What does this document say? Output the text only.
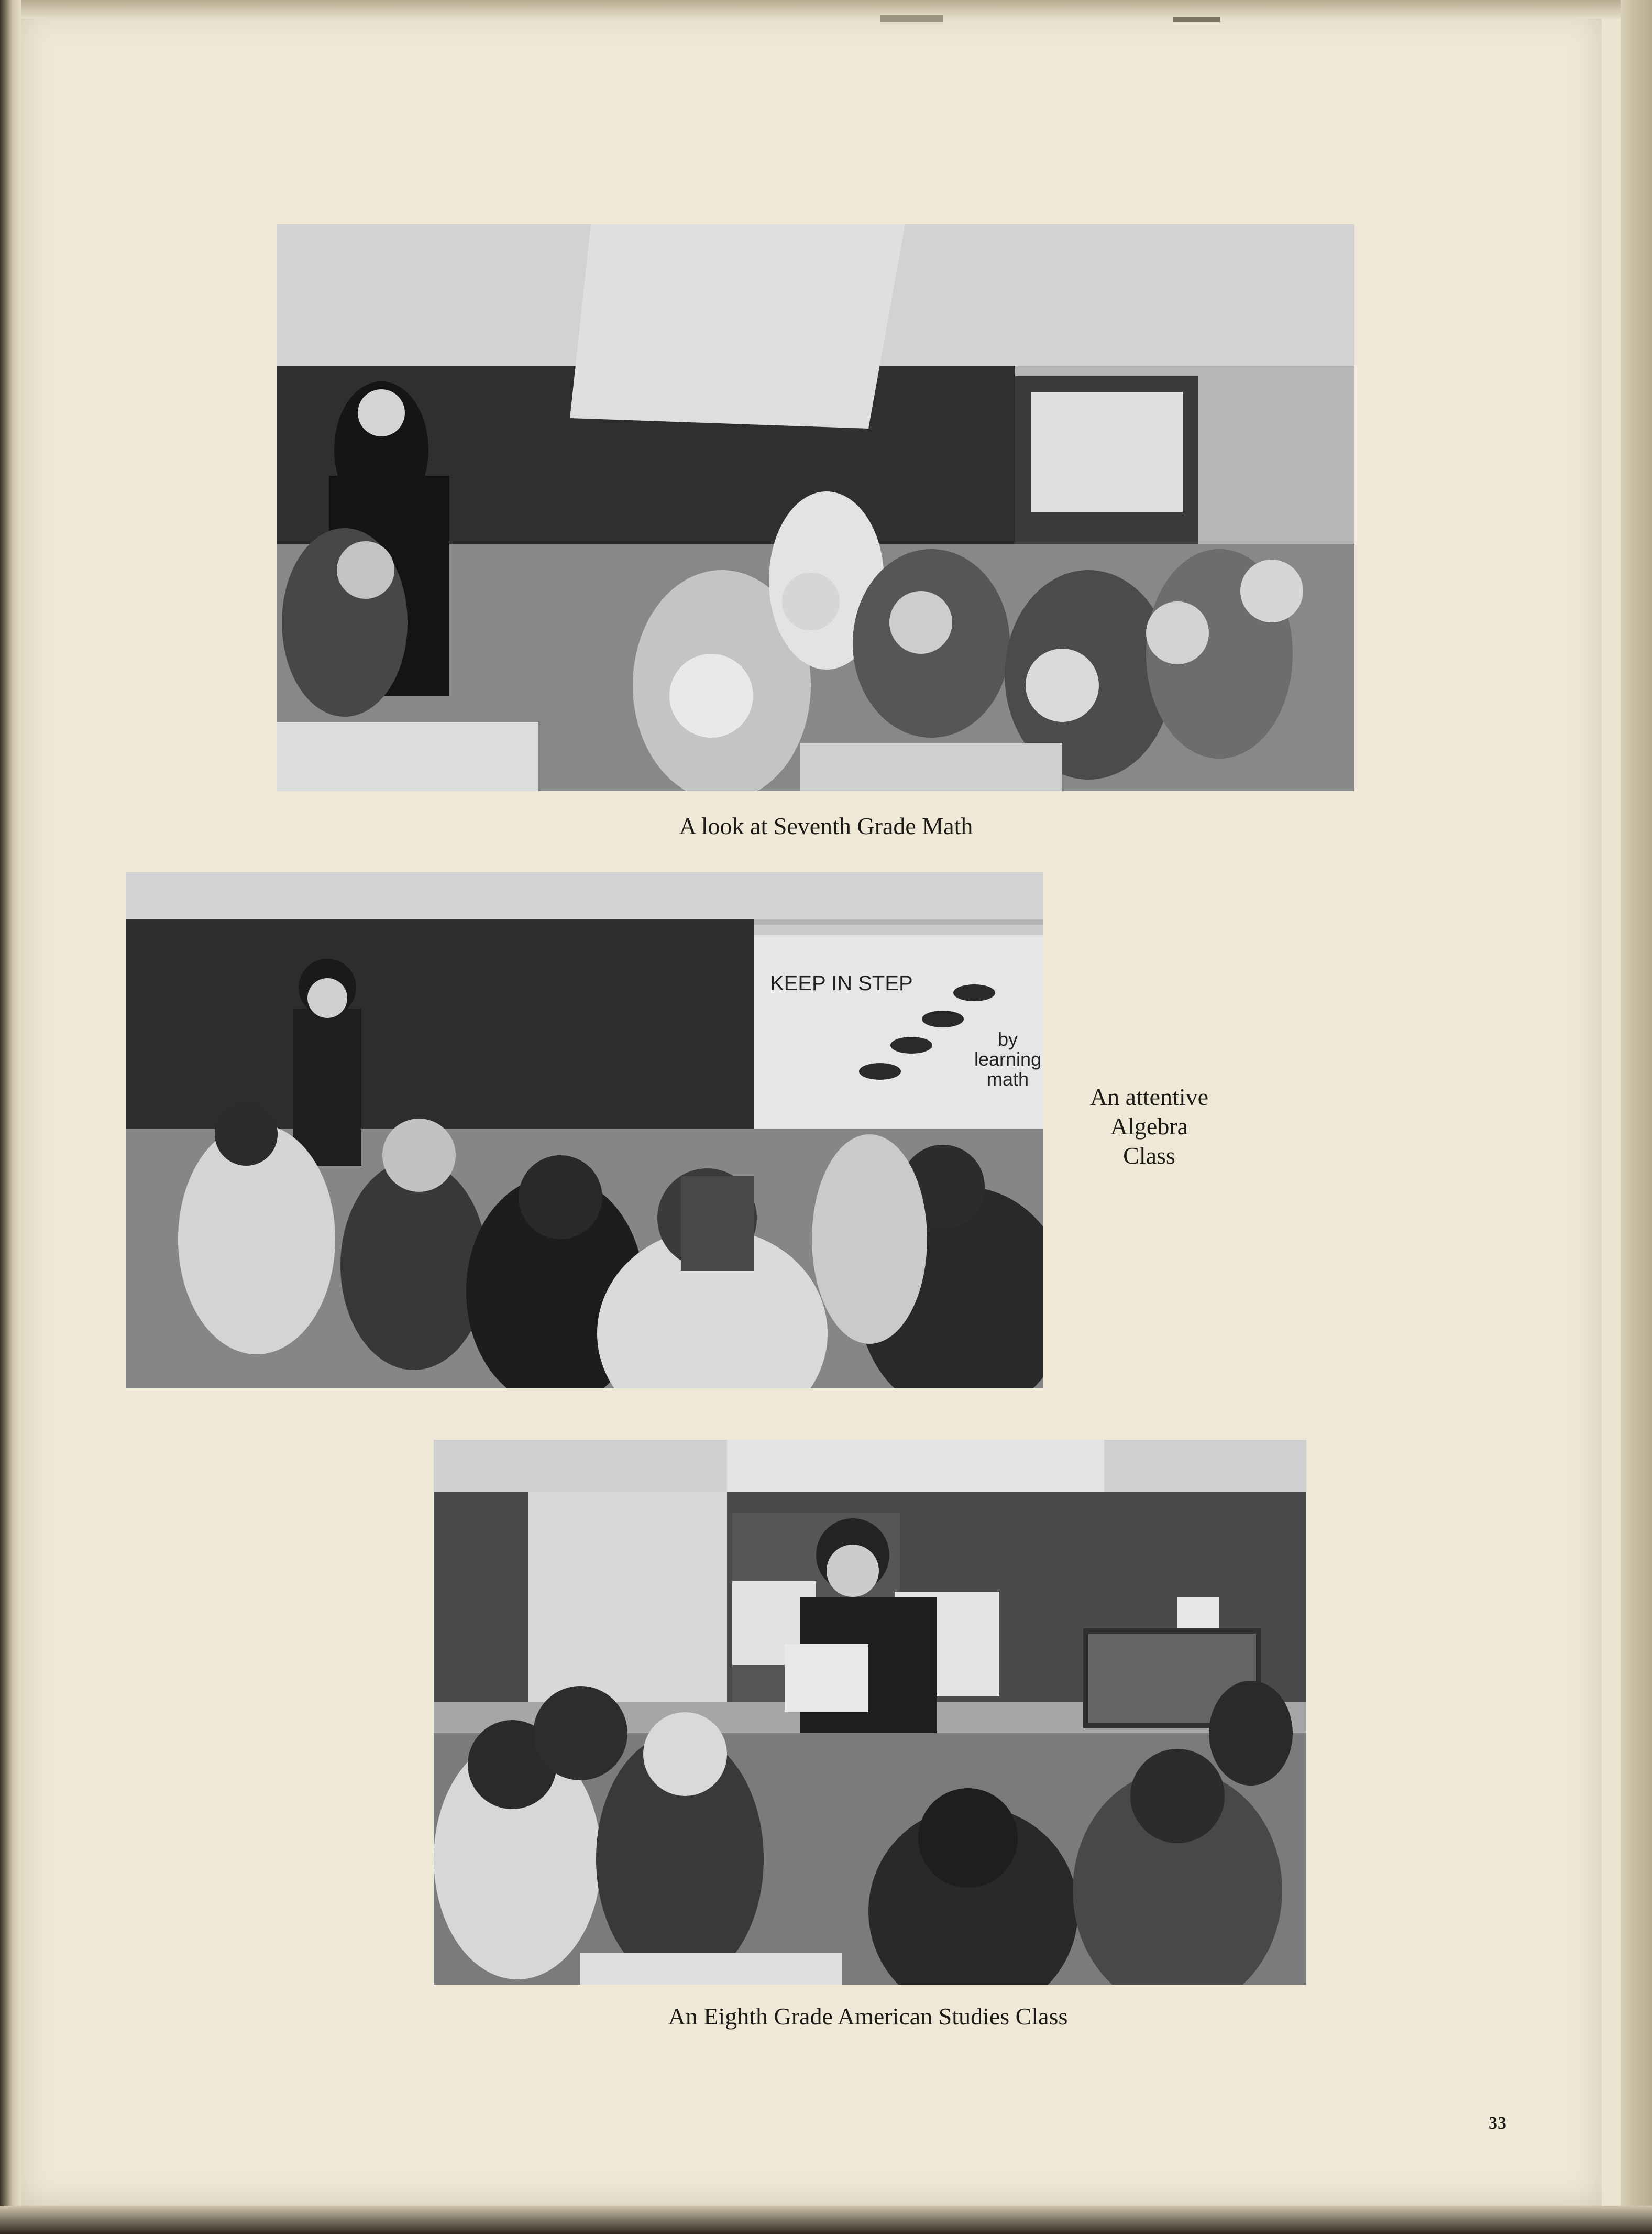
A look at Seventh Grade Math
KEEP IN STEP
by
learning
math
An attentive
Algebra
Class
An Eighth Grade American Studies Class
33
